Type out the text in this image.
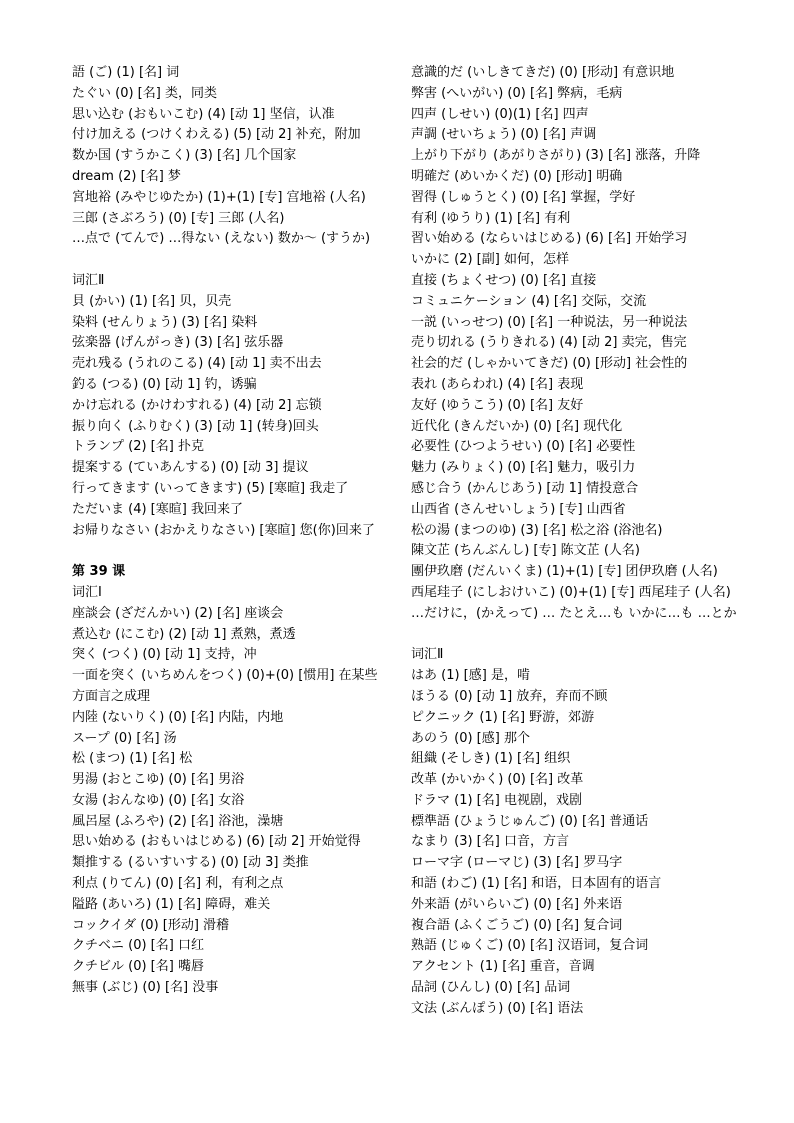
語 (ご) (1) [名] 词
たぐい (0) [名] 类，同类
思い込む (おもいこむ) (4) [动 1] 坚信，认准
付け加える (つけくわえる) (5) [动 2] 补充，附加
数か国 (すうかこく) (3) [名] 几个国家
dream (2) [名] 梦
宮地裕 (みやじゆたか) (1)+(1) [专] 宫地裕 (人名)
三郎 (さぶろう) (0) [专] 三郎 (人名)
…点で (てんで) …得ない (えない) 数か～ (すうか)
词汇Ⅱ
貝 (かい) (1) [名] 贝，贝壳
染料 (せんりょう) (3) [名] 染料
弦楽器 (げんがっき) (3) [名] 弦乐器
売れ残る (うれのこる) (4) [动 1] 卖不出去
釣る (つる) (0) [动 1] 钓，诱骗
かけ忘れる (かけわすれる) (4) [动 2] 忘锁
振り向く (ふりむく) (3) [动 1] (转身)回头
トランプ (2) [名] 扑克
提案する (ていあんする) (0) [动 3] 提议
行ってきます (いってきます) (5) [寒暄] 我走了
ただいま (4) [寒暄] 我回来了
お帰りなさい (おかえりなさい) [寒暄] 您(你)回来了
第 39 课
词汇Ⅰ
座談会 (ざだんかい) (2) [名] 座谈会
煮込む (にこむ) (2) [动 1] 煮熟，煮透
突く (つく) (0) [动 1] 支持，冲
一面を突く (いちめんをつく) (0)+(0) [惯用] 在某些方面言之成理
内陸 (ないりく) (0) [名] 内陆，内地
スープ (0) [名] 汤
松 (まつ) (1) [名] 松
男湯 (おとこゆ) (0) [名] 男浴
女湯 (おんなゆ) (0) [名] 女浴
風呂屋 (ふろや) (2) [名] 浴池，澡塘
思い始める (おもいはじめる) (6) [动 2] 开始觉得
類推する (るいすいする) (0) [动 3] 类推
利点 (りてん) (0) [名] 利，有利之点
隘路 (あいろ) (1) [名] 障碍，难关
コックイダ (0) [形动] 滑稽
クチベニ (0) [名] 口红
クチビル (0) [名] 嘴唇
無事 (ぶじ) (0) [名] 没事
意識的だ (いしきてきだ) (0) [形动] 有意识地
弊害 (へいがい) (0) [名] 弊病，毛病
四声 (しせい) (0)(1) [名] 四声
声調 (せいちょう) (0) [名] 声调
上がり下がり (あがりさがり) (3) [名] 涨落，升降
明確だ (めいかくだ) (0) [形动] 明确
習得 (しゅうとく) (0) [名] 掌握，学好
有利 (ゆうり) (1) [名] 有利
習い始める (ならいはじめる) (6) [名] 开始学习
いかに (2) [副] 如何，怎样
直接 (ちょくせつ) (0) [名] 直接
コミュニケーション (4) [名] 交际，交流
一説 (いっせつ) (0) [名] 一种说法，另一种说法
売り切れる (うりきれる) (4) [动 2] 卖完，售完
社会的だ (しゃかいてきだ) (0) [形动] 社会性的
表れ (あらわれ) (4) [名] 表现
友好 (ゆうこう) (0) [名] 友好
近代化 (きんだいか) (0) [名] 现代化
必要性 (ひつようせい) (0) [名] 必要性
魅力 (みりょく) (0) [名] 魅力，吸引力
感じ合う (かんじあう) [动 1] 情投意合
山西省 (さんせいしょう) [专] 山西省
松の湯 (まつのゆ) (3) [名] 松之浴 (浴池名)
陳文芷 (ちんぶんし) [专] 陈文芷 (人名)
團伊玖磨 (だんいくま) (1)+(1) [专] 团伊玖磨 (人名)
西尾珪子 (にしおけいこ) (0)+(1) [专] 西尾珪子 (人名)
…だけに，(かえって) … たとえ…も いかに…も …とか
词汇Ⅱ
はあ (1) [感] 是，啃
ほうる (0) [动 1] 放弃，弃而不顾
ピクニック (1) [名] 野游，郊游
あのう (0) [感] 那个
組織 (そしき) (1) [名] 组织
改革 (かいかく) (0) [名] 改革
ドラマ (1) [名] 电视剧，戏剧
標準語 (ひょうじゅんご) (0) [名] 普通话
なまり (3) [名] 口音，方言
ローマ字 (ローマじ) (3) [名] 罗马字
和語 (わご) (1) [名] 和语，日本固有的语言
外来語 (がいらいご) (0) [名] 外来语
複合語 (ふくごうご) (0) [名] 复合词
熟語 (じゅくご) (0) [名] 汉语词，复合词
アクセント (1) [名] 重音，音调
品詞 (ひんし) (0) [名] 品词
文法 (ぶんぽう) (0) [名] 语法
